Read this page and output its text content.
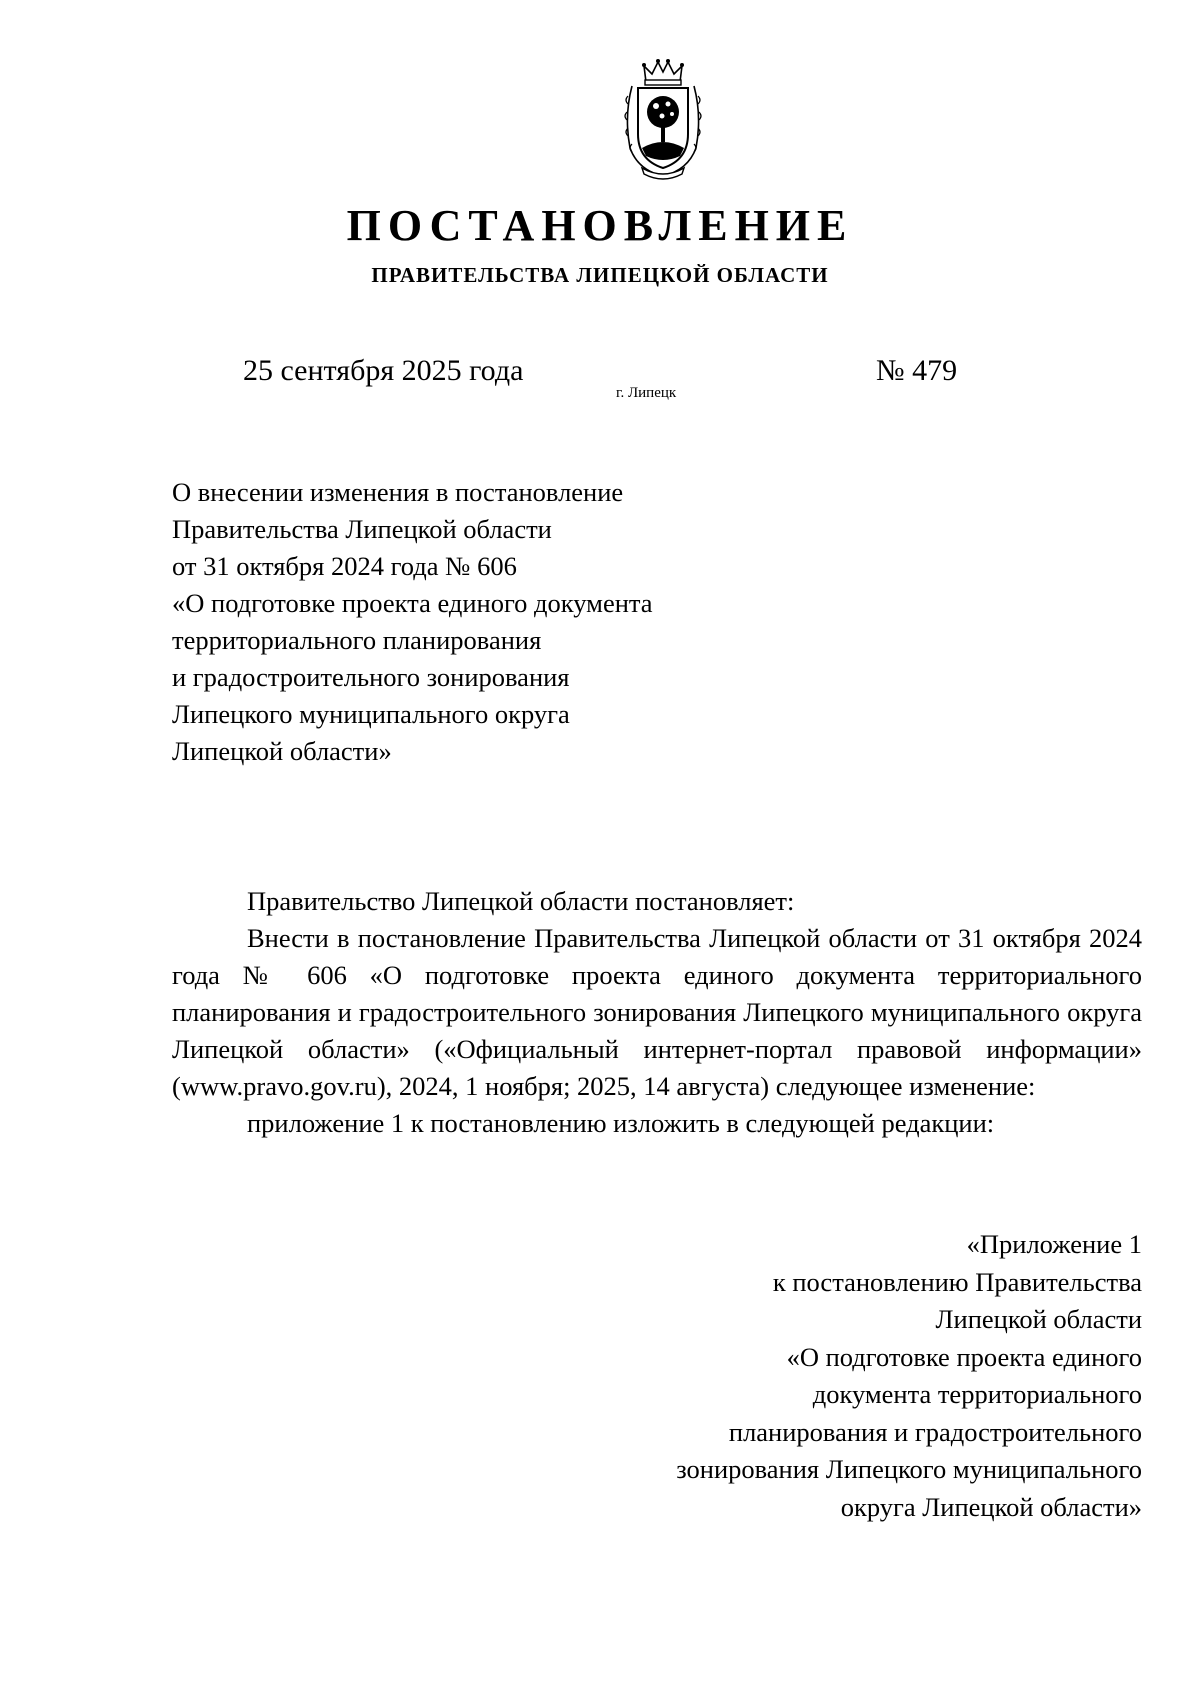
ПОСТАНОВЛЕНИЕ
ПРАВИТЕЛЬСТВА ЛИПЕЦКОЙ ОБЛАСТИ
25 сентября 2025 года
г. Липецк
№ 479
О внесении изменения в постановление
Правительства Липецкой области
от 31 октября 2024 года № 606
«О подготовке проекта единого документа
территориального планирования
и градостроительного зонирования
Липецкого муниципального округа
Липецкой области»

Правительство Липецкой области постановляет:

Внести в постановление Правительства Липецкой области от 31 октября 2024 года № 606 «О подготовке проекта единого документа территориального планирования и градостроительного зонирования Липецкого муниципального округа Липецкой области» («Официальный интернет-портал правовой информации» (www.pravo.gov.ru), 2024, 1 ноября; 2025, 14 августа) следующее изменение:

приложение 1 к постановлению изложить в следующей редакции:

«Приложение 1
к постановлению Правительства
Липецкой области
«О подготовке проекта единого
документа территориального
планирования и градостроительного
зонирования Липецкого муниципального
округа Липецкой области»
